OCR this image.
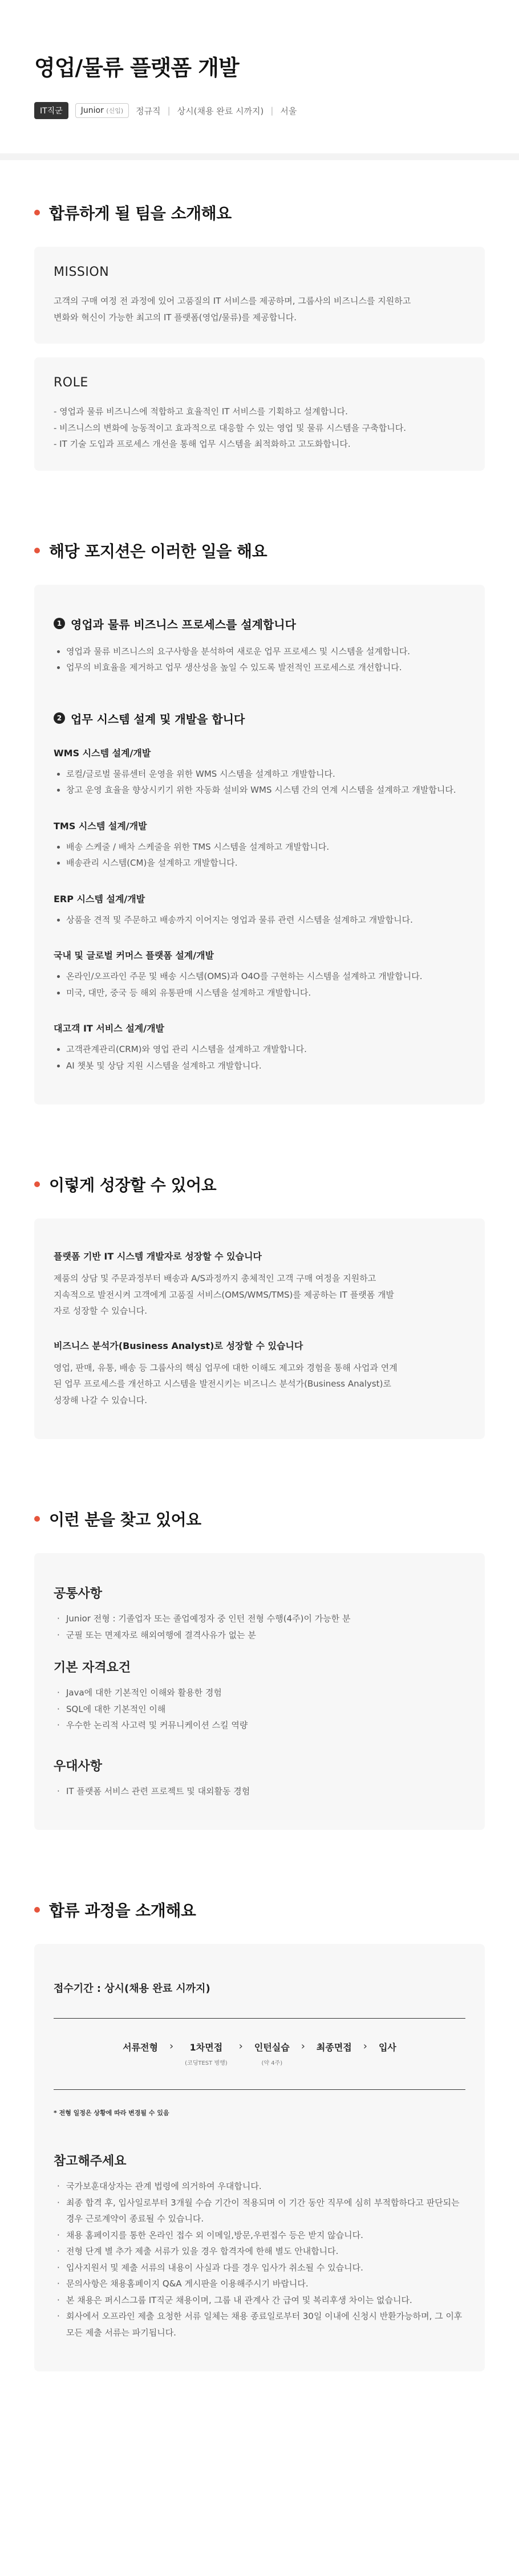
영업/물류 플랫폼 개발
IT직군	Junior (신입)	정규직 | 상시(채용 완료 시까지) | 서울
합류하게 될 팀을 소개해요
MISSION
고객의 구매 여정 전 과정에 있어 고품질의 IT 서비스를 제공하며, 그룹사의 비즈니스를 지원하고
변화와 혁신이 가능한 최고의 IT 플랫폼(영업/물류)를 제공합니다.
ROLE
- 영업과 물류 비즈니스에 적합하고 효율적인 IT 서비스를 기획하고 설계합니다.
- 비즈니스의 변화에 능동적이고 효과적으로 대응할 수 있는 영업 및 물류 시스템을 구축합니다.
- IT 기술 도입과 프로세스 개선을 통해 업무 시스템을 최적화하고 고도화합니다.
해당 포지션은 이러한 일을 해요
1 영업과 물류 비즈니스 프로세스를 설계합니다
영업과 물류 비즈니스의 요구사항을 분석하여 새로운 업무 프로세스 및 시스템을 설계합니다.
업무의 비효율을 제거하고 업무 생산성을 높일 수 있도록 발전적인 프로세스로 개선합니다.
2 업무 시스템 설계 및 개발을 합니다
WMS 시스템 설계/개발
로컬/글로벌 물류센터 운영을 위한 WMS 시스템을 설계하고 개발합니다.
창고 운영 효율을 향상시키기 위한 자동화 설비와 WMS 시스템 간의 연계 시스템을 설계하고 개발합니다.
TMS 시스템 설계/개발
배송 스케줄 / 배차 스케줄을 위한 TMS 시스템을 설계하고 개발합니다.
배송관리 시스템(CM)을 설계하고 개발합니다.
ERP 시스템 설계/개발
상품을 견적 및 주문하고 배송까지 이어지는 영업과 물류 관련 시스템을 설계하고 개발합니다.
국내 및 글로벌 커머스 플랫폼 설계/개발
온라인/오프라인 주문 및 배송 시스템(OMS)과 O4O를 구현하는 시스템을 설계하고 개발합니다.
미국, 대만, 중국 등 해외 유통판매 시스템을 설계하고 개발합니다.
대고객 IT 서비스 설계/개발
고객관계관리(CRM)와 영업 관리 시스템을 설계하고 개발합니다.
AI 챗봇 및 상담 지원 시스템을 설계하고 개발합니다.
이렇게 성장할 수 있어요
플랫폼 기반 IT 시스템 개발자로 성장할 수 있습니다
제품의 상담 및 주문과정부터 배송과 A/S과정까지 총체적인 고객 구매 여정을 지원하고
지속적으로 발전시켜 고객에게 고품질 서비스(OMS/WMS/TMS)를 제공하는 IT 플랫폼 개발
자로 성장할 수 있습니다.
비즈니스 분석가(Business Analyst)로 성장할 수 있습니다
영업, 판매, 유통, 배송 등 그룹사의 핵심 업무에 대한 이해도 제고와 경험을 통해 사업과 연계
된 업무 프로세스를 개선하고 시스템을 발전시키는 비즈니스 분석가(Business Analyst)로
성장해 나갈 수 있습니다.
이런 분을 찾고 있어요
공통사항
· Junior 전형 : 기졸업자 또는 졸업예정자 중 인턴 전형 수행(4주)이 가능한 분
· 군필 또는 면제자로 해외여행에 결격사유가 없는 분
기본 자격요건
· Java에 대한 기본적인 이해와 활용한 경험
· SQL에 대한 기본적인 이해
· 우수한 논리적 사고력 및 커뮤니케이션 스킬 역량
우대사항
· IT 플랫폼 서비스 관련 프로젝트 및 대외활동 경험
합류 과정을 소개해요
접수기간 : 상시(채용 완료 시까지)
서류전형 ›	1차면접
(코딩TEST 병행)
› 인턴실습
(약 4주)
› 최종면접 › 입사
* 전형 일정은 상황에 따라 변경될 수 있음
참고해주세요
· 국가보훈대상자는 관계 법령에 의거하여 우대합니다.
· 최종 합격 후, 입사일로부터 3개월 수습 기간이 적용되며 이 기간 동안 직무에 심히 부적합하다고 판단되는 경우 근로계약이 종료될 수 있습니다.
· 채용 홈페이지를 통한 온라인 접수 외 이메일,방문,우편접수 등은 받지 않습니다.
· 전형 단계 별 추가 제출 서류가 있을 경우 합격자에 한해 별도 안내합니다.
· 입사지원서 및 제출 서류의 내용이 사실과 다를 경우 입사가 취소될 수 있습니다.
· 문의사항은 채용홈페이지 Q&A 게시판을 이용해주시기 바랍니다.
· 본 채용은 퍼시스그룹 IT직군 채용이며, 그룹 내 관계사 간 급여 및 복리후생 차이는 없습니다.
· 회사에서 오프라인 제출 요청한 서류 일체는 채용 종료일로부터 30일 이내에 신청시 반환가능하며, 그 이후 모든 제출 서류는 파기됩니다.
